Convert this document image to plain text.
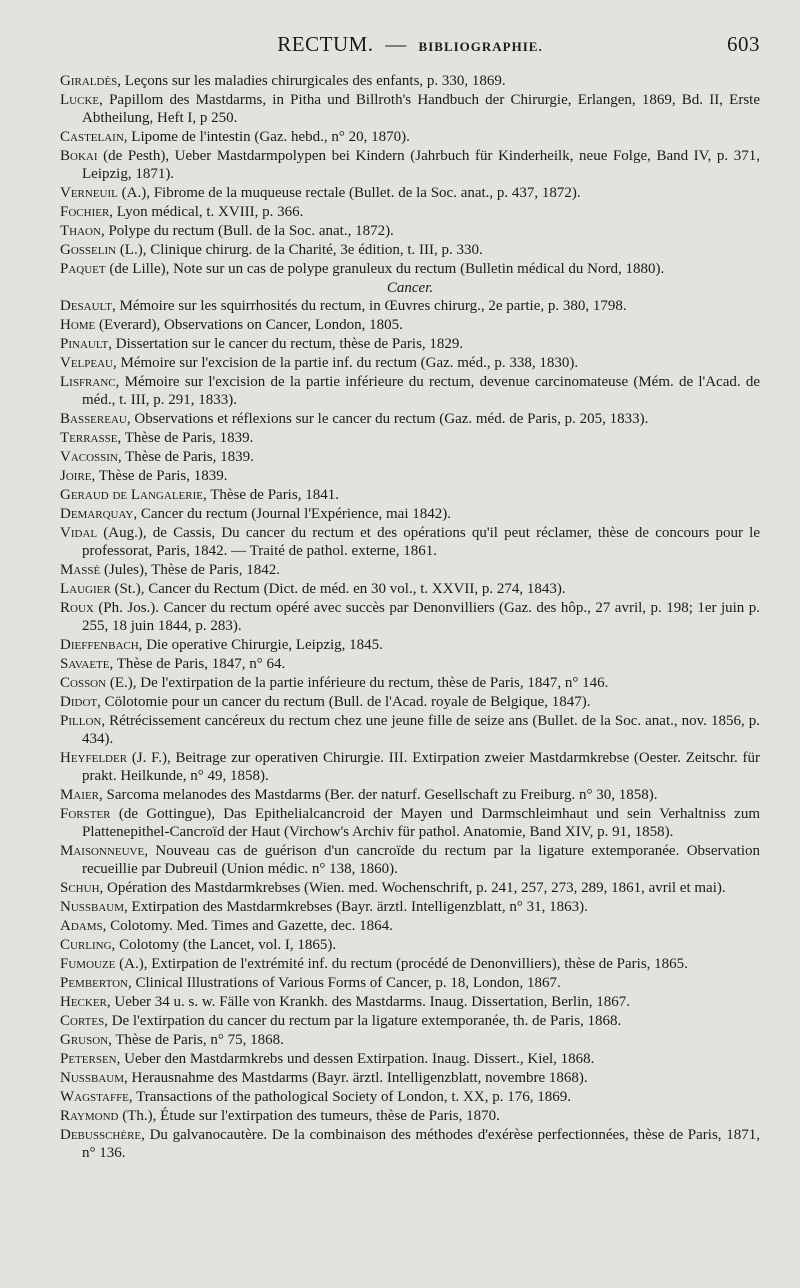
RECTUM. — BIBLIOGRAPHIE.	603

Giraldès, Leçons sur les maladies chirurgicales des enfants, p. 330, 1869.

Lucke, Papillom des Mastdarms, in Pitha und Billroth's Handbuch der Chirurgie, Erlangen, 1869, Bd. II, Erste Abtheilung, Heft I, p 250.

Castelain, Lipome de l'intestin (Gaz. hebd., n° 20, 1870).

Bokai (de Pesth), Ueber Mastdarmpolypen bei Kindern (Jahrbuch für Kinderheilk, neue Folge, Band IV, p. 371, Leipzig, 1871).

Verneuil (A.), Fibrome de la muqueuse rectale (Bullet. de la Soc. anat., p. 437, 1872).

Fochier, Lyon médical, t. XVIII, p. 366.

Thaon, Polype du rectum (Bull. de la Soc. anat., 1872).

Gosselin (L.), Clinique chirurg. de la Charité, 3e édition, t. III, p. 330.

Paquet (de Lille), Note sur un cas de polype granuleux du rectum (Bulletin médical du Nord, 1880).

Cancer.

Desault, Mémoire sur les squirrhosités du rectum, in Œuvres chirurg., 2e partie, p. 380, 1798.

Home (Everard), Observations on Cancer, London, 1805.

Pinault, Dissertation sur le cancer du rectum, thèse de Paris, 1829.

Velpeau, Mémoire sur l'excision de la partie inf. du rectum (Gaz. méd., p. 338, 1830).

Lisfranc, Mémoire sur l'excision de la partie inférieure du rectum, devenue carcinomateuse (Mém. de l'Acad. de méd., t. III, p. 291, 1833).

Bassereau, Observations et réflexions sur le cancer du rectum (Gaz. méd. de Paris, p. 205, 1833).

Terrasse, Thèse de Paris, 1839.

Vacossin, Thèse de Paris, 1839.

Joire, Thèse de Paris, 1839.

Geraud de Langalerie, Thèse de Paris, 1841.

Demarquay, Cancer du rectum (Journal l'Expérience, mai 1842).

Vidal (Aug.), de Cassis, Du cancer du rectum et des opérations qu'il peut réclamer, thèse de concours pour le professorat, Paris, 1842. — Traité de pathol. externe, 1861.

Massé (Jules), Thèse de Paris, 1842.

Laugier (St.), Cancer du Rectum (Dict. de méd. en 30 vol., t. XXVII, p. 274, 1843).

Roux (Ph. Jos.). Cancer du rectum opéré avec succès par Denonvilliers (Gaz. des hôp., 27 avril, p. 198; 1er juin p. 255, 18 juin 1844, p. 283).

Dieffenbach, Die operative Chirurgie, Leipzig, 1845.

Savaete, Thèse de Paris, 1847, n° 64.

Cosson (E.), De l'extirpation de la partie inférieure du rectum, thèse de Paris, 1847, n° 146.

Didot, Cölotomie pour un cancer du rectum (Bull. de l'Acad. royale de Belgique, 1847).

Pillon, Rétrécissement cancéreux du rectum chez une jeune fille de seize ans (Bullet. de la Soc. anat., nov. 1856, p. 434).

Heyfelder (J. F.), Beitrage zur operativen Chirurgie. III. Extirpation zweier Mastdarmkrebse (Oester. Zeitschr. für prakt. Heilkunde, n° 49, 1858).

Maier, Sarcoma melanodes des Mastdarms (Ber. der naturf. Gesellschaft zu Freiburg. n° 30, 1858).

Forster (de Gottingue), Das Epithelialcancroid der Mayen und Darmschleimhaut und sein Verhaltniss zum Plattenepithel-Cancroïd der Haut (Virchow's Archiv für pathol. Anatomie, Band XIV, p. 91, 1858).

Maisonneuve, Nouveau cas de guérison d'un cancroïde du rectum par la ligature extemporanée. Observation recueillie par Dubreuil (Union médic. n° 138, 1860).

Schuh, Opération des Mastdarmkrebses (Wien. med. Wochenschrift, p. 241, 257, 273, 289, 1861, avril et mai).

Nussbaum, Extirpation des Mastdarmkrebses (Bayr. ärztl. Intelligenzblatt, n° 31, 1863).

Adams, Colotomy. Med. Times and Gazette, dec. 1864.

Curling, Colotomy (the Lancet, vol. I, 1865).

Fumouze (A.), Extirpation de l'extrémité inf. du rectum (procédé de Denonvilliers), thèse de Paris, 1865.

Pemberton, Clinical Illustrations of Various Forms of Cancer, p. 18, London, 1867.

Hecker, Ueber 34 u. s. w. Fälle von Krankh. des Mastdarms. Inaug. Dissertation, Berlin, 1867.

Cortes, De l'extirpation du cancer du rectum par la ligature extemporanée, th. de Paris, 1868.

Gruson, Thèse de Paris, n° 75, 1868.

Petersen, Ueber den Mastdarmkrebs und dessen Extirpation. Inaug. Dissert., Kiel, 1868.

Nussbaum, Herausnahme des Mastdarms (Bayr. ärztl. Intelligenzblatt, novembre 1868).

Wagstaffe, Transactions of the pathological Society of London, t. XX, p. 176, 1869.

Raymond (Th.), Étude sur l'extirpation des tumeurs, thèse de Paris, 1870.

Debusschère, Du galvanocautère. De la combinaison des méthodes d'exérèse perfectionnées, thèse de Paris, 1871, n° 136.
